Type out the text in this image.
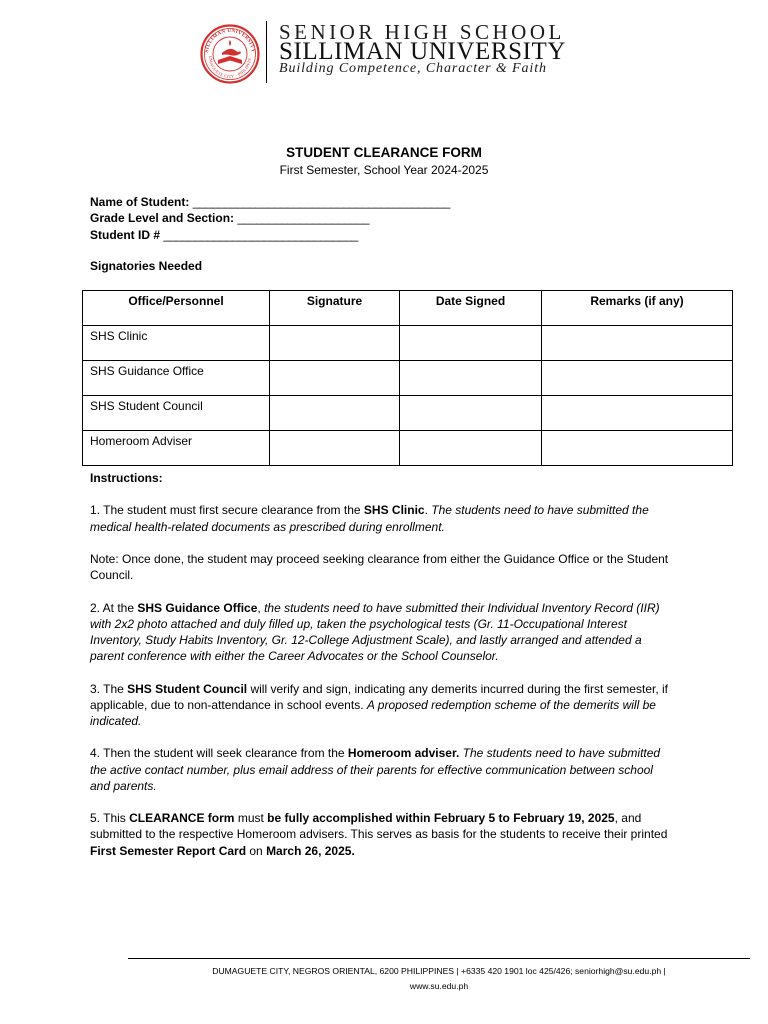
SILLIMAN UNIVERSITY
UMAGUETE CITY · PHILIPPIN
SENIOR HIGH SCHOOL
SILLIMAN UNIVERSITY
Building Competence, Character & Faith
STUDENT CLEARANCE FORM
First Semester, School Year 2024-2025
Name of Student: _________________________________________
Grade Level and Section: _____________________
Student ID # _______________________________
Signatories Needed
Office/Personnel	Signature	Date Signed	Remarks (if any)
SHS Clinic			
SHS Guidance Office			
SHS Student Council			
Homeroom Adviser			

Instructions:

1. The student must first secure clearance from the SHS Clinic. The students need to have submitted the medical health-related documents as prescribed during enrollment.

Note: Once done, the student may proceed seeking clearance from either the Guidance Office or the Student Council.

2. At the SHS Guidance Office, the students need to have submitted their Individual Inventory Record (IIR) with 2x2 photo attached and duly filled up, taken the psychological tests (Gr. 11-Occupational Interest Inventory, Study Habits Inventory, Gr. 12-College Adjustment Scale), and lastly arranged and attended a parent conference with either the Career Advocates or the School Counselor.

3. The SHS Student Council will verify and sign, indicating any demerits incurred during the first semester, if applicable, due to non-attendance in school events. A proposed redemption scheme of the demerits will be indicated.

4. Then the student will seek clearance from the Homeroom adviser. The students need to have submitted the active contact number, plus email address of their parents for effective communication between school and parents.

5. This CLEARANCE form must be fully accomplished within February 5 to February 19, 2025, and submitted to the respective Homeroom advisers. This serves as basis for the students to receive their printed First Semester Report Card on March 26, 2025.

DUMAGUETE CITY, NEGROS ORIENTAL, 6200 PHILIPPINES | +6335 420 1901 loc 425/426; seniorhigh@su.edu.ph |
www.su.edu.ph
